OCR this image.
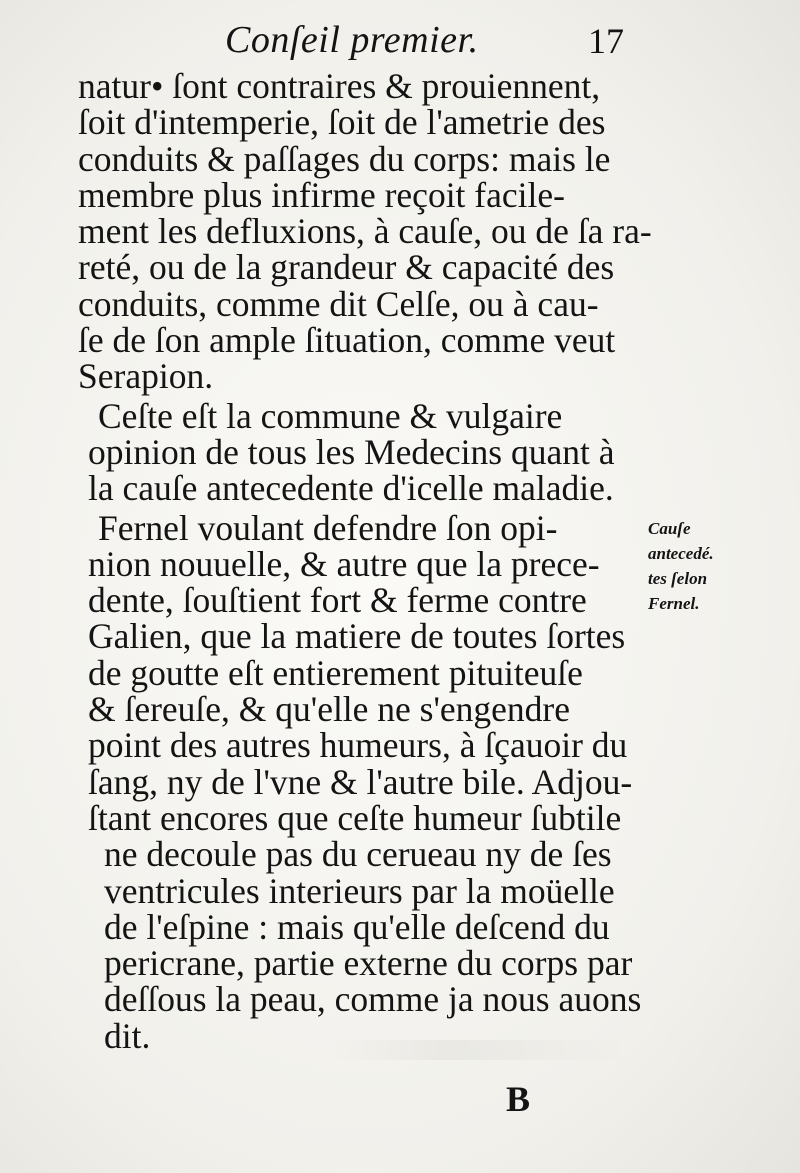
Conſeil premier.	17
natur• ſont contraires & prouiennent,
ſoit d'intemperie, ſoit de l'ametrie des
conduits & paſſages du corps: mais le
membre plus infirme reçoit facile-
ment les defluxions, à cauſe, ou de ſa ra-
reté, ou de la grandeur & capacité des
conduits, comme dit Celſe, ou à cau-
ſe de ſon ample ſituation, comme veut
Serapion.
Ceſte eſt la commune & vulgaire
opinion de tous les Medecins quant à
la cauſe antecedente d'icelle maladie.
Fernel voulant defendre ſon opi-
nion nouuelle, & autre que la prece-
dente, ſouſtient fort & ferme contre
Galien, que la matiere de toutes ſortes
de goutte eſt entierement pituiteuſe
& ſereuſe, & qu'elle ne s'engendre
point des autres humeurs, à ſçauoir du
ſang, ny de l'vne & l'autre bile. Adjou-
ſtant encores que ceſte humeur ſubtile
ne decoule pas du cerueau ny de ſes
ventricules interieurs par la moüelle
de l'eſpine : mais qu'elle deſcend du
pericrane, partie externe du corps par
deſſous la peau, comme ja nous auons
dit.
Cauſe
antecedé.
tes ſelon
Fernel.
B
